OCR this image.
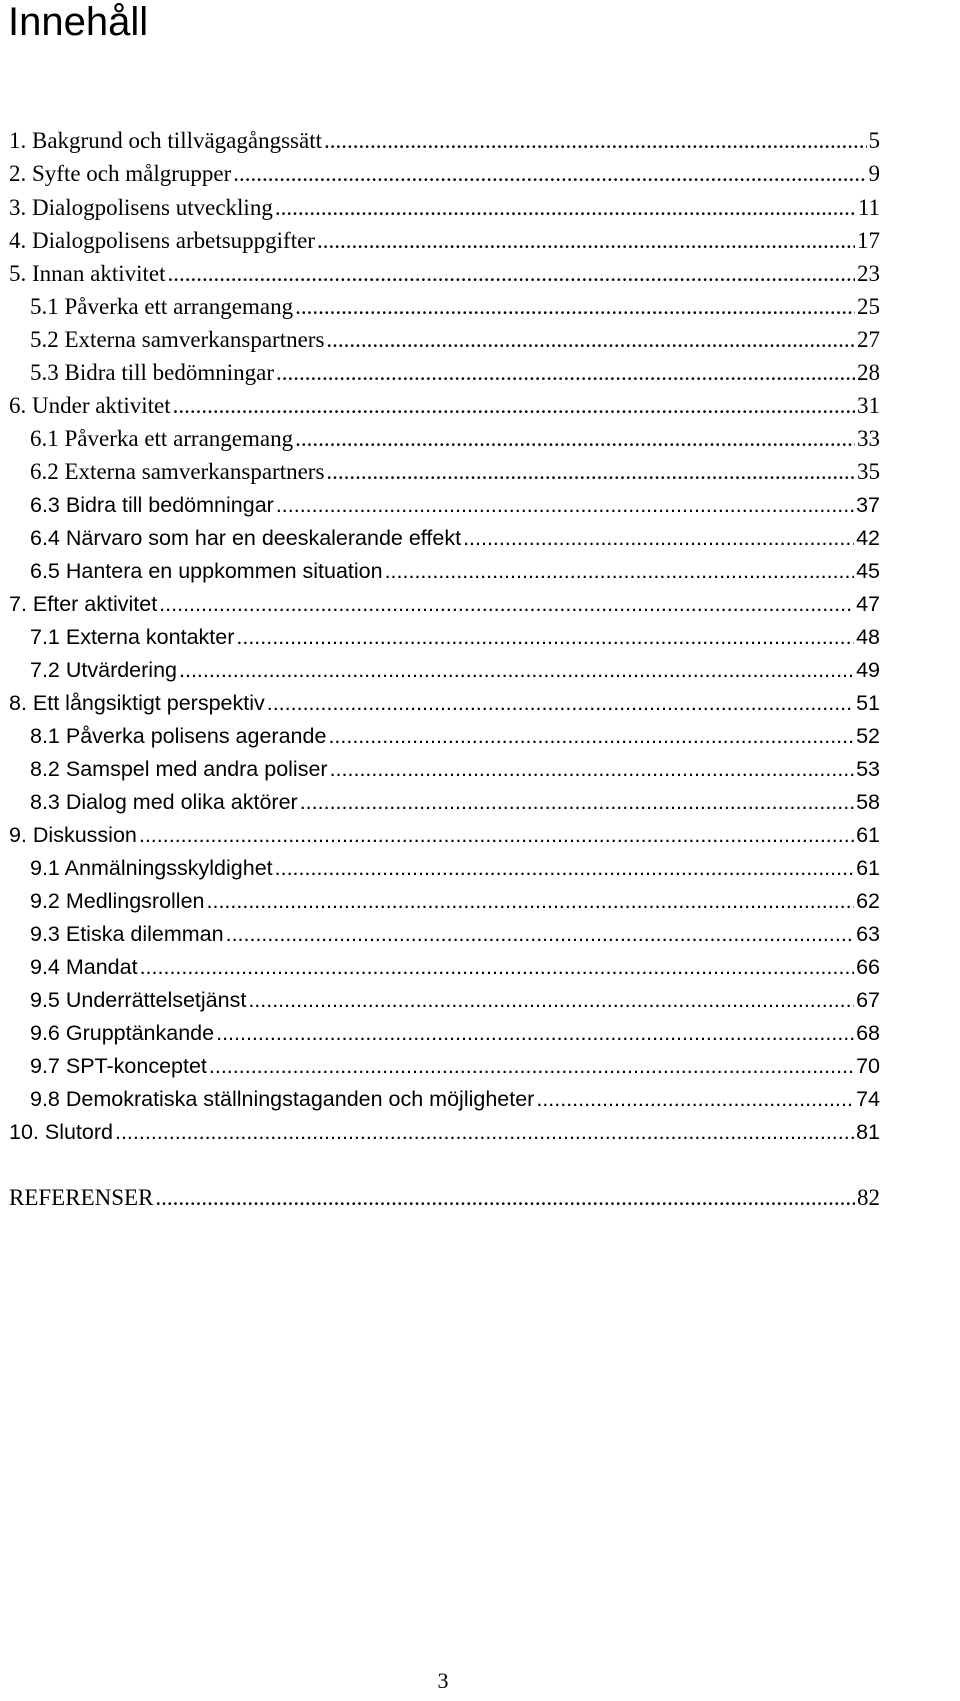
Innehåll
1. Bakgrund och tillvägagångssätt .....	5
2. Syfte och målgrupper .....	9
3. Dialogpolisens utveckling .....	11
4. Dialogpolisens arbetsuppgifter .....	17
5. Innan aktivitet .....	23
5.1 Påverka ett arrangemang .....	25
5.2 Externa samverkanspartners .....	27
5.3 Bidra till bedömningar .....	28
6. Under aktivitet .....	31
6.1 Påverka ett arrangemang .....	33
6.2 Externa samverkanspartners .....	35
6.3 Bidra till bedömningar .....	37
6.4 Närvaro som har en deeskalerande effekt .....	42
6.5 Hantera en uppkommen situation .....	45
7. Efter aktivitet .....	47
7.1 Externa kontakter .....	48
7.2 Utvärdering .....	49
8. Ett långsiktigt perspektiv .....	51
8.1 Påverka polisens agerande .....	52
8.2 Samspel med andra poliser .....	53
8.3 Dialog med olika aktörer .....	58
9. Diskussion .....	61
9.1 Anmälningsskyldighet .....	61
9.2 Medlingsrollen .....	62
9.3 Etiska dilemman .....	63
9.4 Mandat .....	66
9.5 Underrättelsetjänst .....	67
9.6 Grupptänkande .....	68
9.7 SPT-konceptet .....	70
9.8 Demokratiska ställningstaganden och möjligheter .....	74
10. Slutord .....	81
REFERENSER .....	82
3
